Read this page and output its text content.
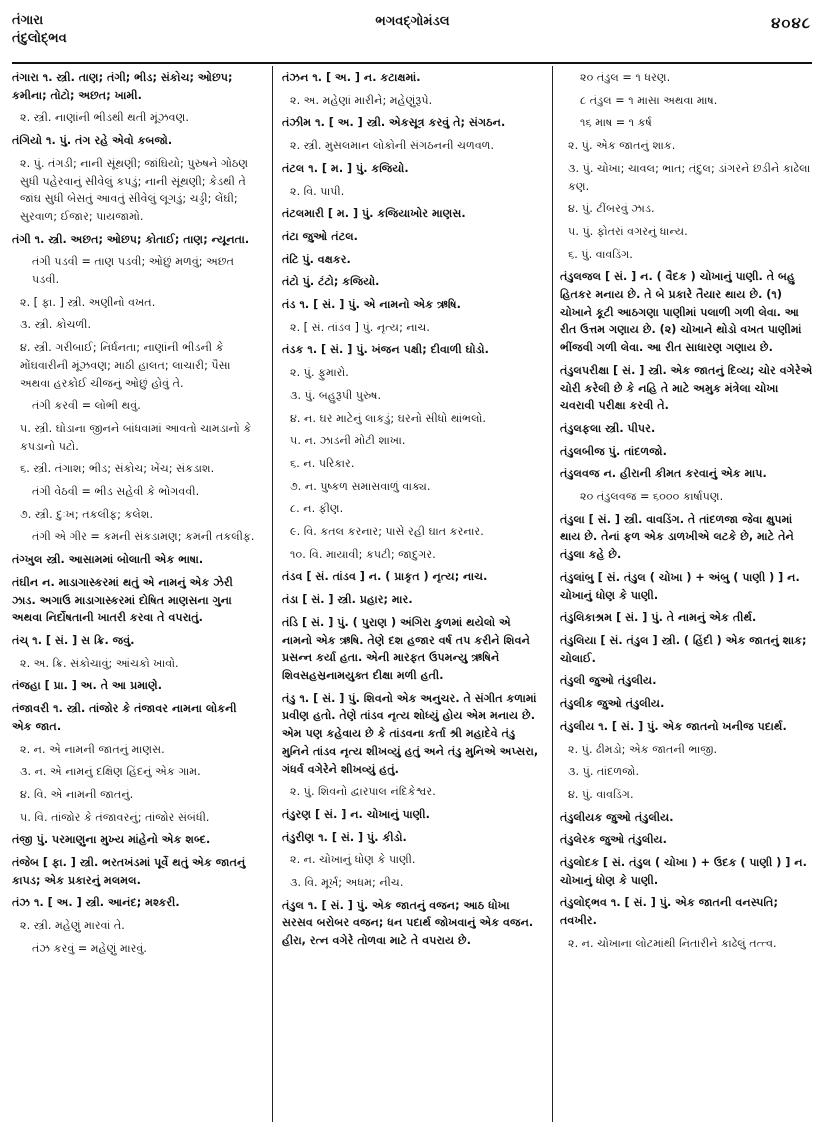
તંગારા
તંદુલોદ્ભવ
ભગવદ્ગોમંડલ	૪૦૪૮

તંગારા ૧. સ્ત્રી. તાણ; તંગી; ભીડ; સંકોચ; ઓછપ; કમીના; તોટો; અછત; ખામી.

૨. સ્ત્રી. નાણાંની ભીડથી થતી મૂંઝવણ.

તંગિયો ૧. પું. તંગ રહે એવો કબજો.

૨. પું. તંગડી; નાની સૂંથણી; જાંઘિયો; પુરુષને ગોઠણ સુધી પહેરવાનું સીવેલું કપડું; નાની સૂંથણી; કેડથી તે જાંઘ સુધી બેસતું આવતું સીવેલું લૂગડું; ચડ્ડી; લેંઘી; સુરવાળ; ઈજાર; પાયજામો.

તંગી ૧. સ્ત્રી. અછત; ઓછપ; કોતાઈ; તાણ; ન્યૂનતા.

તંગી પડવી = તાણ પડવી; ઓછું મળવું; અછત પડવી.

૨. [ ફા. ] સ્ત્રી. અણીનો વખત.

૩. સ્ત્રી. કોચળી.

૪. સ્ત્રી. ગરીબાઈ; નિર્ધનતા; નાણાંની ભીડની કે મોંઘવારીની મૂંઝવણ; માઠી હાલત; લાચારી; પૈસા અથવા હરકોઈ ચીજનું ઓછું હોવું તે.

તંગી કરવી = લોભી થવું.

૫. સ્ત્રી. ઘોડાના જીનને બાંધવામાં આવતો ચામડાનો કે કપડાનો પટો.

૬. સ્ત્રી. તંગાશ; ભીડ; સંકોચ; ખેંચ; સંકડાશ.

તંગી વેઠવી = ભીડ સહેવી કે ભોગવવી.

૭. સ્ત્રી. દુઃખ; તકલીફ; કલેશ.

તંગી એ ગીર = કમની સંકડામણ; કમની તકલીફ.

તંગ્ખુલ સ્ત્રી. આસામમાં બોલાતી એક ભાષા.

તંઘીન ન. માડાગાસ્કરમાં થતું એ નામનું એક ઝેરી ઝાડ. અગાઉ માડાગાસ્કરમાં દોષિત માણસના ગુના અથવા નિર્દોષતાની ખાતરી કરવા તે વપરાતું.

તંચ્ ૧. [ સં. ] સ ક્રિ. જવું.

૨. અ. ક્રિ. સંકોચાવું; આંચકો ખાવો.

તંજહા [ પ્રા. ] અ. તે આ પ્રમાણે.

તંજાવરી ૧. સ્ત્રી. તાંજોર કે તંજાવર નામના લોકની એક જાત.

૨. ન. એ નામની જાતનું માણસ.

૩. ન. એ નામનું દક્ષિણ હિંદનું એક ગામ.

૪. વિ. એ નામની જાતનું.

૫. વિ. તાંજોર કે તંજાવરનું; તાંજોર સંબંધી.

તંજી પું. પરમાણુના મુખ્ય માંહેનો એક શબ્દ.

તંજેબ [ ફા. ] સ્ત્રી. ભરતખંડમાં પૂર્વે થતું એક જાતનું કાપડ; એક પ્રકારનું મલમલ.

તંઝ ૧. [ અ. ] સ્ત્રી. આનંદ; મશ્કરી.

૨. સ્ત્રી. મહેણું મારવાં તે.

તંઝ કરવું = મહેણું મારવું.

તંઝન ૧. [ અ. ] ન. કટાક્ષમાં.

૨. અ. મહેણાં મારીને; મહેણુંરૂપે.

તંઝીમ ૧. [ અ. ] સ્ત્રી. એકસૂત્ર કરવું તે; સંગઠન.

૨. સ્ત્રી. મુસલમાન લોકોની સંગઠનની ચળવળ.

તંટલ ૧. [ મ. ] પું. કજિયો.

૨. વિ. પાપી.

તંટલમારી [ મ. ] પું. કજિયાખોર માણસ.

તંટા જુઓ તંટલ.

તંટિ પું. વક્ષકર.

તંટો પું. ટંટો; કજિયો.

તંડ ૧. [ સં. ] પું. એ નામનો એક ઋષિ.

૨. [ સં. તાંડવ ] પું. નૃત્ય; નાચ.

તંડક ૧. [ સં. ] પું. ખંજન પક્ષી; દીવાળી ઘોડો.

૨. પું. ફુમારો.

૩. પું. બહુરૂપી પુરુષ.

૪. ન. ઘર માટેનું લાકડું; ઘરનો સીધો થાંભલો.

૫. ન. ઝાડની મોટી શાખા.

૬. ન. પરિકાર.

૭. ન. પુષ્કળ સમાસવાળું વાક્ય.

૮. ન. ફીણ.

૯. વિ. કતલ કરનાર; પાસે રહી ઘાત કરનાર.

૧૦. વિ. માયાવી; કપટી; જાદુગર.

તંડવ [ સં. તાંડવ ] ન. ( પ્રાકૃત ) નૃત્ય; નાચ.

તંડા [ સં. ] સ્ત્રી. પ્રહાર; માર.

તંડિ [ સં. ] પું. ( પુરાણ ) અંગિરા કુળમાં થયેલો એ નામનો એક ઋષિ. તેણે દશ હજાર વર્ષ તપ કરીને શિવને પ્રસન્ન કર્યા હતા. એની મારફત ઉપમન્યુ ઋષિને શિવસહસ્રનામયુક્ત દીક્ષા મળી હતી.

તંડુ ૧. [ સં. ] પું. શિવનો એક અનુચર. તે સંગીત કળામાં પ્રવીણ હતો. તેણે તાંડવ નૃત્ય શોધ્યું હોય એમ મનાય છે. એમ પણ કહેવાય છે કે તાંડવના કર્તા શ્રી મહાદેવે તંડુ મુનિને તાંડવ નૃત્ય શીખવ્યું હતું અને તંડુ મુનિએ અપ્સરા, ગંધર્વ વગેરેને શીખવ્યું હતું.

૨. પું. શિવનો દ્વારપાલ નંદિકેશ્વર.

તંડુરણ [ સં. ] ન. ચોખાનું પાણી.

તંડુરીણ ૧. [ સં. ] પું. કીડો.

૨. ન. ચોખાનું ધોણ કે પાણી.

૩. વિ. મૂર્ખ; અધમ; નીચ.

તંડુલ ૧. [ સં. ] પું. એક જાતનું વજન; આઠ ધોખા સરસવ બરોબર વજન; ધન પદાર્થ જોખવાનું એક વજન. હીરા, રત્ન વગેરે તોળવા માટે તે વપરાય છે.

૨૦ તંડુલ = ૧ ધરણ.

૮ તંડુલ = ૧ માસા અથવા માષ.

૧૬ માષ = ૧ કર્ષ

૨. પું. એક જાતનું શાક.

૩. પું. ચોખા; ચાવલ; ભાત; તંદુલ; ડાંગરને છડીને કાઢેલા કણ.

૪. પું. ટીંબરવું ઝાડ.

૫. પું. ફોતરાં વગરનું ધાન્ય.

૬. પું. વાવડિંગ.

તંડુલજલ [ સં. ] ન. ( વૈદક ) ચોખાનું પાણી. તે બહુ હિતકર મનાય છે. તે બે પ્રકારે તૈયાર થાય છે. (૧) ચોખાને કૂટી આઠગણા પાણીમાં પલાળી ગળી લેવા. આ રીત ઉત્તમ ગણાય છે. (૨) ચોખાને થોડો વખત પાણીમાં ભીંજવી ગળી લેવા. આ રીત સાધારણ ગણાય છે.

તંડુલપરીક્ષા [ સં. ] સ્ત્રી. એક જાતનું દિવ્ય; ચોર વગેરેએ ચોરી કરેલી છે કે નહિ તે માટે અમુક મંત્રેલા ચોખા ચવરાવી પરીક્ષા કરવી તે.

તંડુલફલા સ્ત્રી. પીપર.

તંડુલબીજ પું. તાંદળજો.

તંડુલવજ ન. હીરાની કીમત કરવાનું એક માપ.

૨૦ તંડુલવજ = ૬૦૦૦ કાર્ષાપણ.

તંડુલા [ સં. ] સ્ત્રી. વાવડિંગ. તે તાંદળજા જેવા ક્ષુપમાં થાય છે. તેનાં ફળ એક ડાળખીએ લટકે છે, માટે તેને તંડુલા કહે છે.

તંડુલાંબુ [ સં. તંડુલ ( ચોખા ) + અંબુ ( પાણી ) ] ન. ચોખાનું ધોણ કે પાણી.

તંડુલિકાશ્રમ [ સં. ] પું. તે નામનું એક તીર્થ.

તંડુલિયા [ સં. તંડુલ ] સ્ત્રી. ( હિંદી ) એક જાતનું શાક; ચોલાઈ.

તંડુલી જુઓ તંડુલીય.

તંડુલીક જુઓ તંડુલીય.

તંડુલીય ૧. [ સં. ] પું. એક જાતનો ખનીજ પદાર્થ.

૨. પું. ઢીમડો; એક જાતની ભાજી.

૩. પું. તાંદળજો.

૪. પું. વાવડિંગ.

તંડુલીયક જુઓ તંડુલીય.

તંડુલેરક જુઓ તંડુલીય.

તંડુલોદક [ સં. તંડુલ ( ચોખા ) + ઉદક ( પાણી ) ] ન. ચોખાનું ધોણ કે પાણી.

તંડુલોદ્ભવ ૧. [ સં. ] પું. એક જાતની વનસ્પતિ; તવખીર.

૨. ન. ચોખાના લોટમાંથી નિતારીને કાઢેલું તત્ત્વ.
